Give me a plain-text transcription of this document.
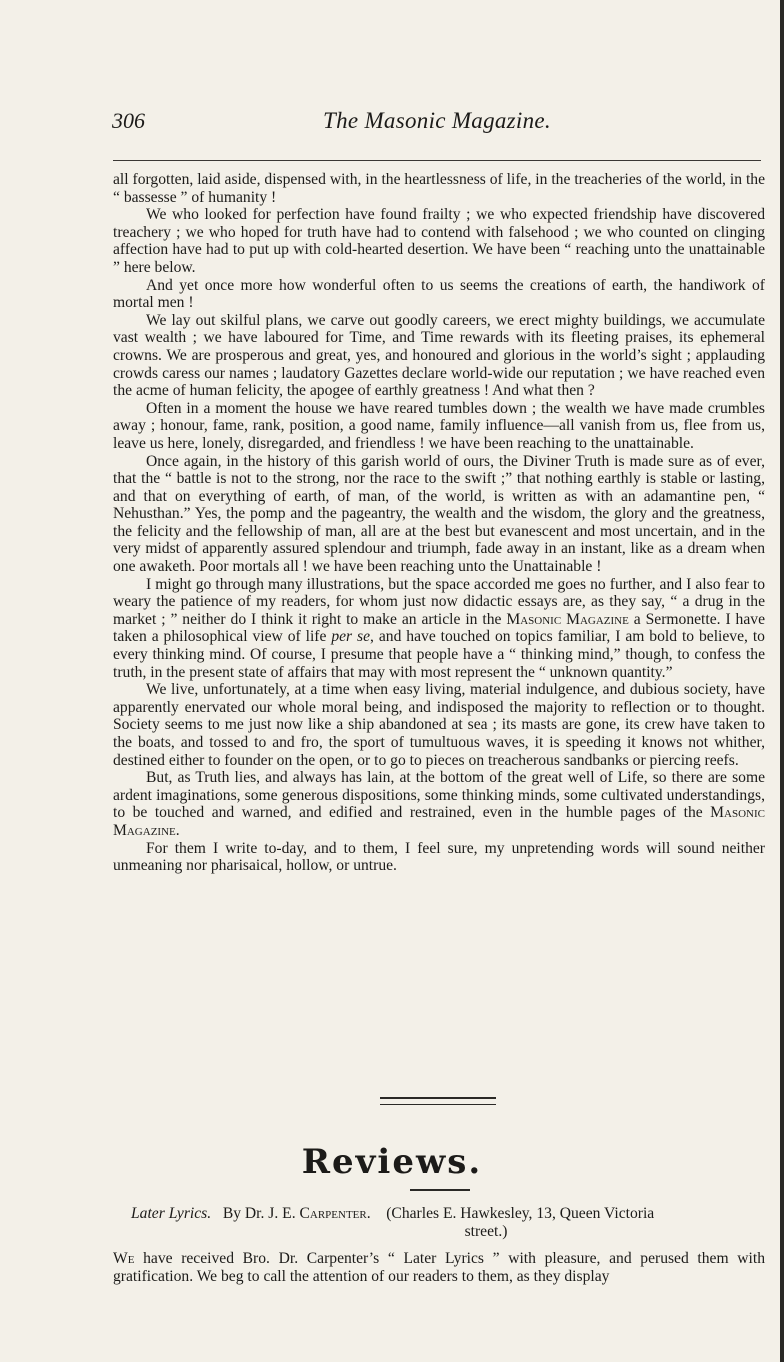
306	The Masonic Magazine.

all forgotten, laid aside, dispensed with, in the heartlessness of life, in the treacheries of the world, in the “ bassesse ” of humanity !

We who looked for perfection have found frailty ; we who expected friendship have discovered treachery ; we who hoped for truth have had to contend with falsehood ; we who counted on clinging affection have had to put up with cold-hearted desertion. We have been “ reaching unto the unattainable ” here below.

And yet once more how wonderful often to us seems the creations of earth, the handiwork of mortal men !

We lay out skilful plans, we carve out goodly careers, we erect mighty buildings, we accumulate vast wealth ; we have laboured for Time, and Time rewards with its fleeting praises, its ephemeral crowns. We are prosperous and great, yes, and honoured and glorious in the world’s sight ; applauding crowds caress our names ; laudatory Gazettes declare world-wide our reputation ; we have reached even the acme of human felicity, the apogee of earthly greatness ! And what then ?

Often in a moment the house we have reared tumbles down ; the wealth we have made crumbles away ; honour, fame, rank, position, a good name, family influence—all vanish from us, flee from us, leave us here, lonely, disregarded, and friendless ! we have been reaching to the unattainable.

Once again, in the history of this garish world of ours, the Diviner Truth is made sure as of ever, that the “ battle is not to the strong, nor the race to the swift ;” that nothing earthly is stable or lasting, and that on everything of earth, of man, of the world, is written as with an adamantine pen, “ Nehusthan.” Yes, the pomp and the pageantry, the wealth and the wisdom, the glory and the greatness, the felicity and the fellowship of man, all are at the best but evanescent and most uncertain, and in the very midst of apparently assured splendour and triumph, fade away in an instant, like as a dream when one awaketh. Poor mortals all ! we have been reaching unto the Unattainable !

I might go through many illustrations, but the space accorded me goes no further, and I also fear to weary the patience of my readers, for whom just now didactic essays are, as they say, “ a drug in the market ; ” neither do I think it right to make an article in the Masonic Magazine a Sermonette. I have taken a philosophical view of life per se, and have touched on topics familiar, I am bold to believe, to every thinking mind. Of course, I presume that people have a “ thinking mind,” though, to confess the truth, in the present state of affairs that may with most represent the “ unknown quantity.”

We live, unfortunately, at a time when easy living, material indulgence, and dubious society, have apparently enervated our whole moral being, and indisposed the majority to reflection or to thought. Society seems to me just now like a ship abandoned at sea ; its masts are gone, its crew have taken to the boats, and tossed to and fro, the sport of tumultuous waves, it is speeding it knows not whither, destined either to founder on the open, or to go to pieces on treacherous sandbanks or piercing reefs.

But, as Truth lies, and always has lain, at the bottom of the great well of Life, so there are some ardent imaginations, some generous dispositions, some thinking minds, some cultivated understandings, to be touched and warned, and edified and restrained, even in the humble pages of the Masonic Magazine.

For them I write to-day, and to them, I feel sure, my unpretending words will sound neither unmeaning nor pharisaical, hollow, or untrue.

Reviews.
Later Lyrics. By Dr. J. E. Carpenter. (Charles E. Hawkesley, 13, Queen Victoria
street.)

We have received Bro. Dr. Carpenter’s “ Later Lyrics ” with pleasure, and perused them with gratification. We beg to call the attention of our readers to them, as they display
